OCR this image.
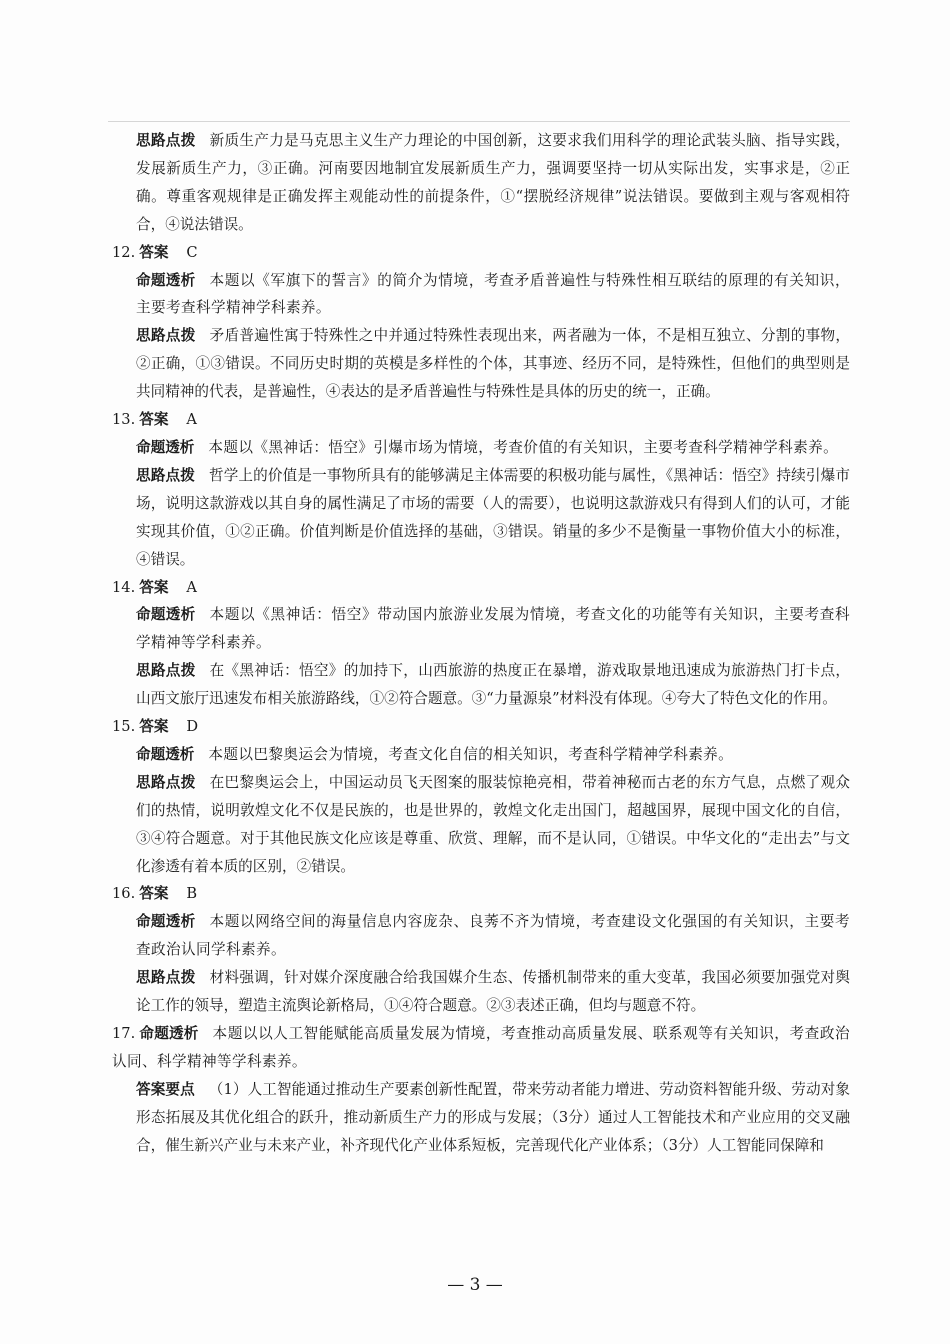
思路点拨 新质生产力是马克思主义生产力理论的中国创新，这要求我们用科学的理论武装头脑、指导实践，发展新质生产力，③正确。河南要因地制宜发展新质生产力，强调要坚持一切从实际出发，实事求是，②正确。尊重客观规律是正确发挥主观能动性的前提条件，①“摆脱经济规律”说法错误。要做到主观与客观相符合，④说法错误。

12. 答案 C

命题透析 本题以《军旗下的誓言》的简介为情境，考查矛盾普遍性与特殊性相互联结的原理的有关知识，主要考查科学精神学科素养。

思路点拨 矛盾普遍性寓于特殊性之中并通过特殊性表现出来，两者融为一体，不是相互独立、分割的事物，②正确，①③错误。不同历史时期的英模是多样性的个体，其事迹、经历不同，是特殊性，但他们的典型则是共同精神的代表，是普遍性，④表达的是矛盾普遍性与特殊性是具体的历史的统一，正确。

13. 答案 A

命题透析 本题以《黑神话：悟空》引爆市场为情境，考查价值的有关知识，主要考查科学精神学科素养。

思路点拨 哲学上的价值是一事物所具有的能够满足主体需要的积极功能与属性，《黑神话：悟空》持续引爆市场，说明这款游戏以其自身的属性满足了市场的需要（人的需要），也说明这款游戏只有得到人们的认可，才能实现其价值，①②正确。价值判断是价值选择的基础，③错误。销量的多少不是衡量一事物价值大小的标准，④错误。

14. 答案 A

命题透析 本题以《黑神话：悟空》带动国内旅游业发展为情境，考查文化的功能等有关知识，主要考查科学精神等学科素养。

思路点拨 在《黑神话：悟空》的加持下，山西旅游的热度正在暴增，游戏取景地迅速成为旅游热门打卡点，山西文旅厅迅速发布相关旅游路线，①②符合题意。③“力量源泉”材料没有体现。④夸大了特色文化的作用。

15. 答案 D

命题透析 本题以巴黎奥运会为情境，考查文化自信的相关知识，考查科学精神学科素养。

思路点拨 在巴黎奥运会上，中国运动员飞天图案的服装惊艳亮相，带着神秘而古老的东方气息，点燃了观众们的热情，说明敦煌文化不仅是民族的，也是世界的，敦煌文化走出国门，超越国界，展现中国文化的自信，③④符合题意。对于其他民族文化应该是尊重、欣赏、理解，而不是认同，①错误。中华文化的“走出去”与文化渗透有着本质的区别，②错误。

16. 答案 B

命题透析 本题以网络空间的海量信息内容庞杂、良莠不齐为情境，考查建设文化强国的有关知识，主要考查政治认同学科素养。

思路点拨 材料强调，针对媒介深度融合给我国媒介生态、传播机制带来的重大变革，我国必须要加强党对舆论工作的领导，塑造主流舆论新格局，①④符合题意。②③表述正确，但均与题意不符。

17. 命题透析 本题以以人工智能赋能高质量发展为情境，考查推动高质量发展、联系观等有关知识，考查政治认同、科学精神等学科素养。

答案要点 （1）人工智能通过推动生产要素创新性配置，带来劳动者能力增进、劳动资料智能升级、劳动对象形态拓展及其优化组合的跃升，推动新质生产力的形成与发展；（3分）通过人工智能技术和产业应用的交叉融合，催生新兴产业与未来产业，补齐现代化产业体系短板，完善现代化产业体系；（3分）人工智能同保障和

— 3 —
